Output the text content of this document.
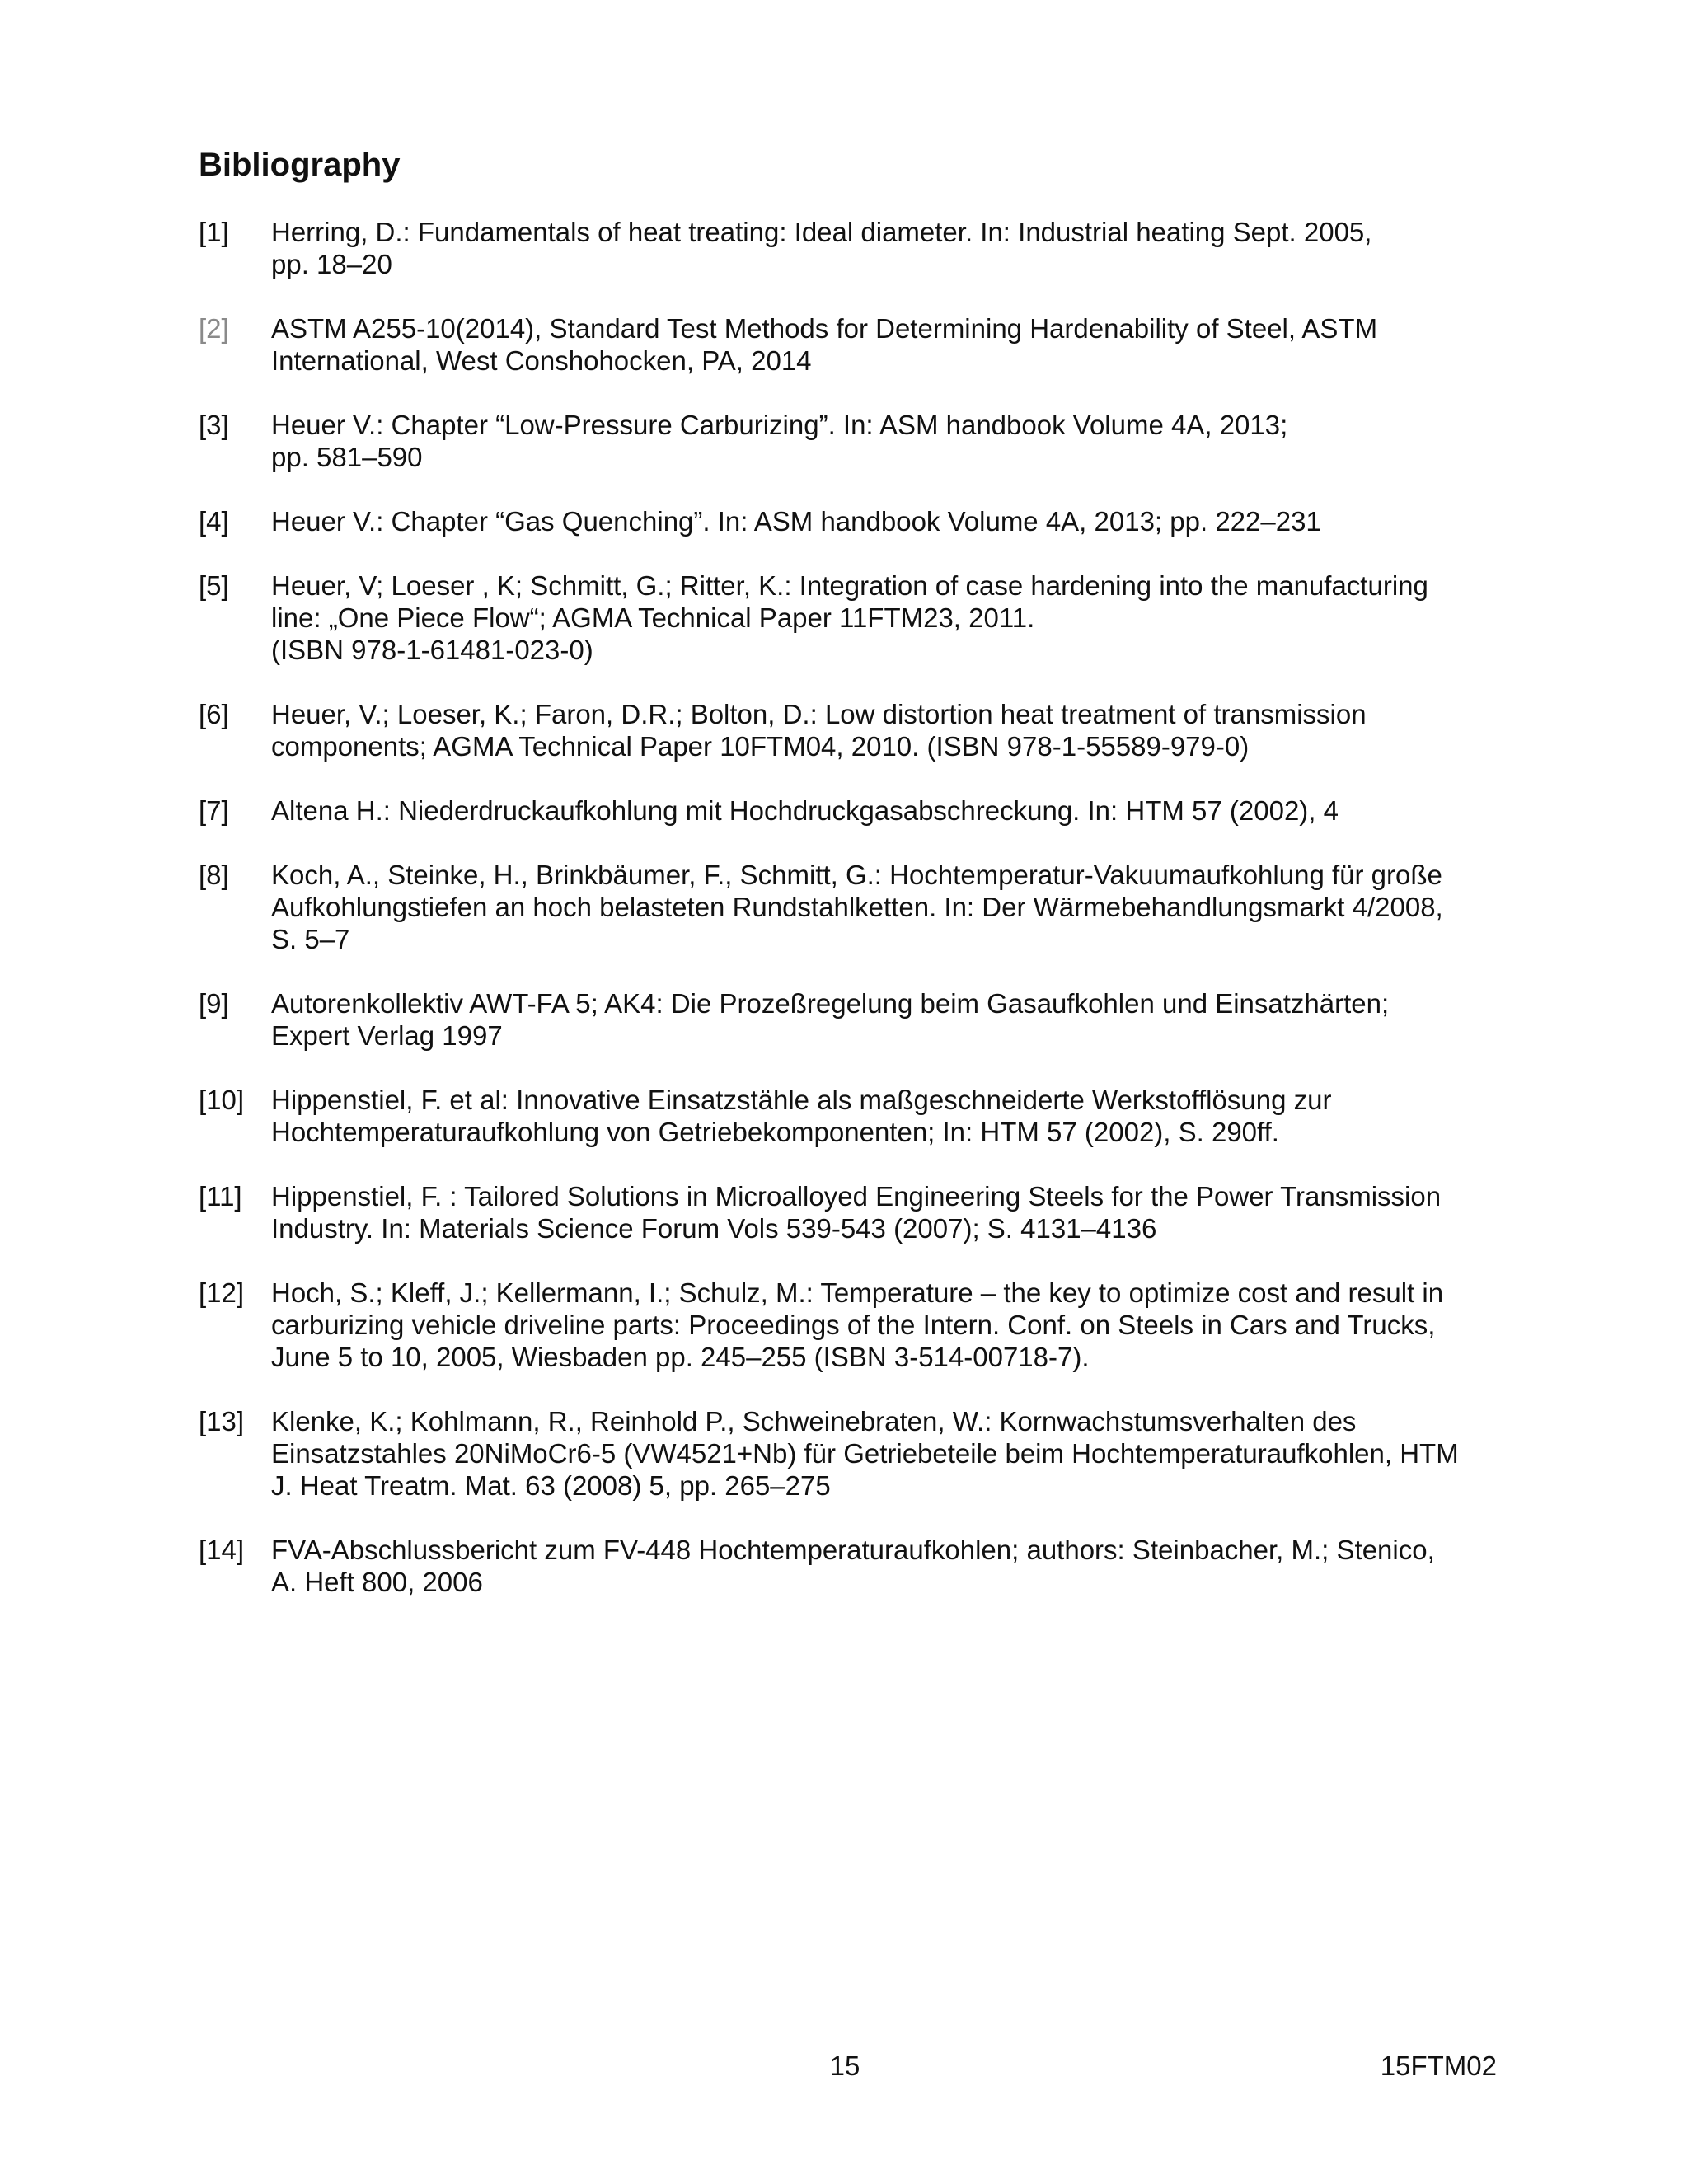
Bibliography
[1]	Herring, D.: Fundamentals of heat treating: Ideal diameter. In: Industrial heating Sept. 2005,
pp. 18–20
[2]	ASTM A255-10(2014), Standard Test Methods for Determining Hardenability of Steel, ASTM
International, West Conshohocken, PA, 2014
[3]	Heuer V.: Chapter “Low-Pressure Carburizing”. In: ASM handbook Volume 4A, 2013;
pp. 581–590
[4]	Heuer V.: Chapter “Gas Quenching”. In: ASM handbook Volume 4A, 2013; pp. 222–231
[5]	Heuer, V; Loeser , K; Schmitt, G.; Ritter, K.: Integration of case hardening into the manufacturing
line: „One Piece Flow“; AGMA Technical Paper 11FTM23, 2011.
(ISBN 978-1-61481-023-0)
[6]	Heuer, V.; Loeser, K.; Faron, D.R.; Bolton, D.: Low distortion heat treatment of transmission
components; AGMA Technical Paper 10FTM04, 2010. (ISBN 978-1-55589-979-0)
[7]	Altena H.: Niederdruckaufkohlung mit Hochdruckgasabschreckung. In: HTM 57 (2002), 4
[8]	Koch, A., Steinke, H., Brinkbäumer, F., Schmitt, G.: Hochtemperatur-Vakuumaufkohlung für große
Aufkohlungstiefen an hoch belasteten Rundstahlketten. In: Der Wärmebehandlungsmarkt 4/2008,
S. 5–7
[9]	Autorenkollektiv AWT-FA 5; AK4: Die Prozeßregelung beim Gasaufkohlen und Einsatzhärten;
Expert Verlag 1997
[10] Hippenstiel, F. et al: Innovative Einsatzstähle als maßgeschneiderte Werkstofflösung zur
Hochtemperaturaufkohlung von Getriebekomponenten; In: HTM 57 (2002), S. 290ff.
[11]	Hippenstiel, F. : Tailored Solutions in Microalloyed Engineering Steels for the Power Transmission
Industry. In: Materials Science Forum Vols 539-543 (2007); S. 4131–4136
[12] Hoch, S.; Kleff, J.; Kellermann, I.; Schulz, M.: Temperature – the key to optimize cost and result in
carburizing vehicle driveline parts: Proceedings of the Intern. Conf. on Steels in Cars and Trucks,
June 5 to 10, 2005, Wiesbaden pp. 245–255 (ISBN 3-514-00718-7).
[13] Klenke, K.; Kohlmann, R., Reinhold P., Schweinebraten, W.: Kornwachstumsverhalten des
Einsatzstahles 20NiMoCr6-5 (VW4521+Nb) für Getriebeteile beim Hochtemperaturaufkohlen, HTM
J. Heat Treatm. Mat. 63 (2008) 5, pp. 265–275
[14] FVA-Abschlussbericht zum FV-448 Hochtemperaturaufkohlen; authors: Steinbacher, M.; Stenico,
A. Heft 800, 2006
15	15FTM02
